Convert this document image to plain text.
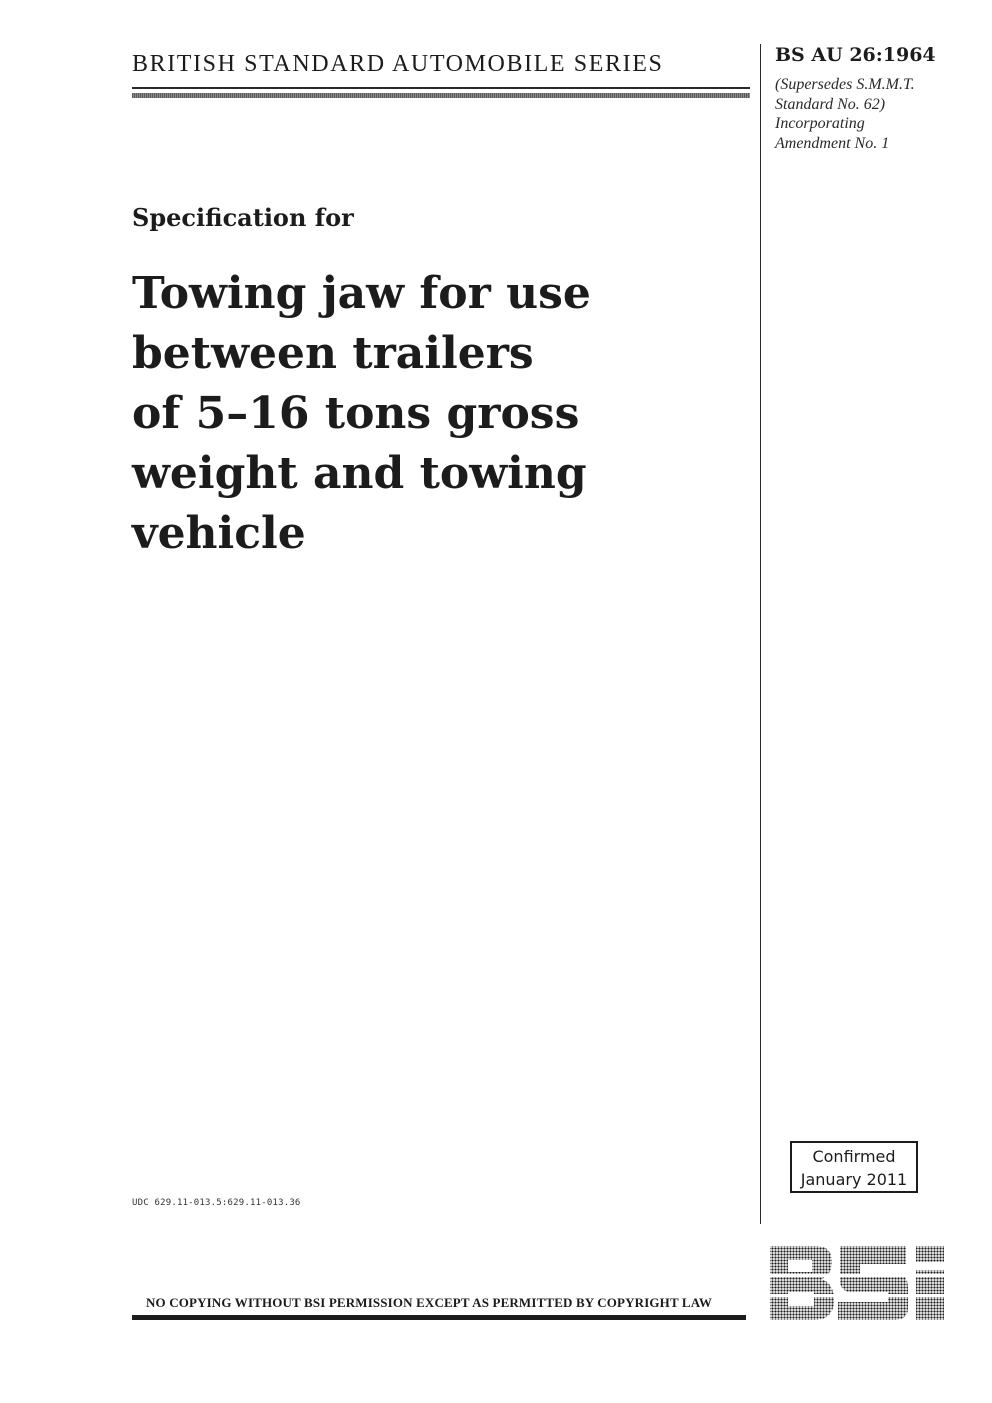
BRITISH STANDARD AUTOMOBILE SERIES	BS AU 26:1964
(Supersedes S.M.M.T.
Standard No. 62)
Incorporating
Amendment No. 1
Specification for
Towing jaw for use
between trailers
of 5–16 tons gross
weight and towing
vehicle
Confirmed
January 2011
UDC 629.11-013.5:629.11-013.36
NO COPYING WITHOUT BSI PERMISSION EXCEPT AS PERMITTED BY COPYRIGHT LAW
